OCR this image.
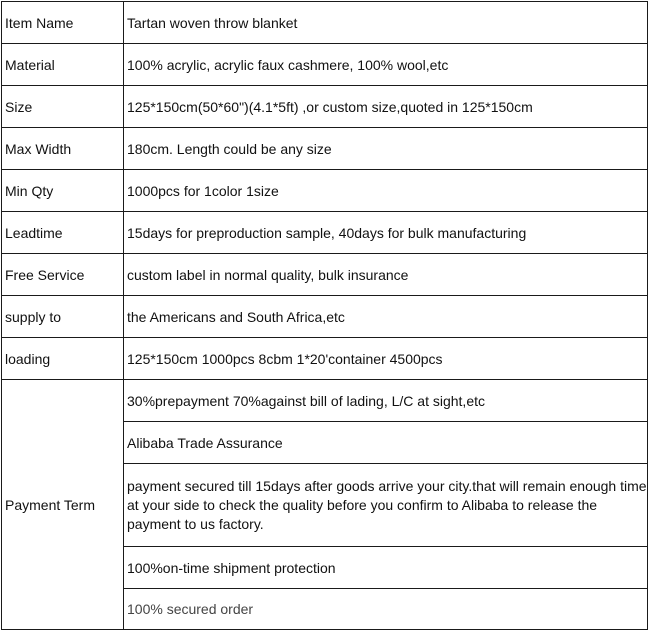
Item Name	Tartan woven throw blanket
Material	100% acrylic, acrylic faux cashmere, 100% wool,etc
Size	125*150cm(50*60")(4.1*5ft) ,or custom size,quoted in 125*150cm
Max Width	180cm. Length could be any size
Min Qty	1000pcs for 1color 1size
Leadtime	15days for preproduction sample, 40days for bulk manufacturing
Free Service	custom label in normal quality, bulk insurance
supply to	the Americans and South Africa,etc
loading	125*150cm 1000pcs 8cbm 1*20'container 4500pcs
Payment Term	30%prepayment 70%against bill of lading, L/C at sight,etc
	Alibaba Trade Assurance
	payment secured till 15days after goods arrive your city.that will remain enough time at your side to check the quality before you confirm to Alibaba to release the payment to us factory.
	100%on-time shipment protection
	100% secured order
